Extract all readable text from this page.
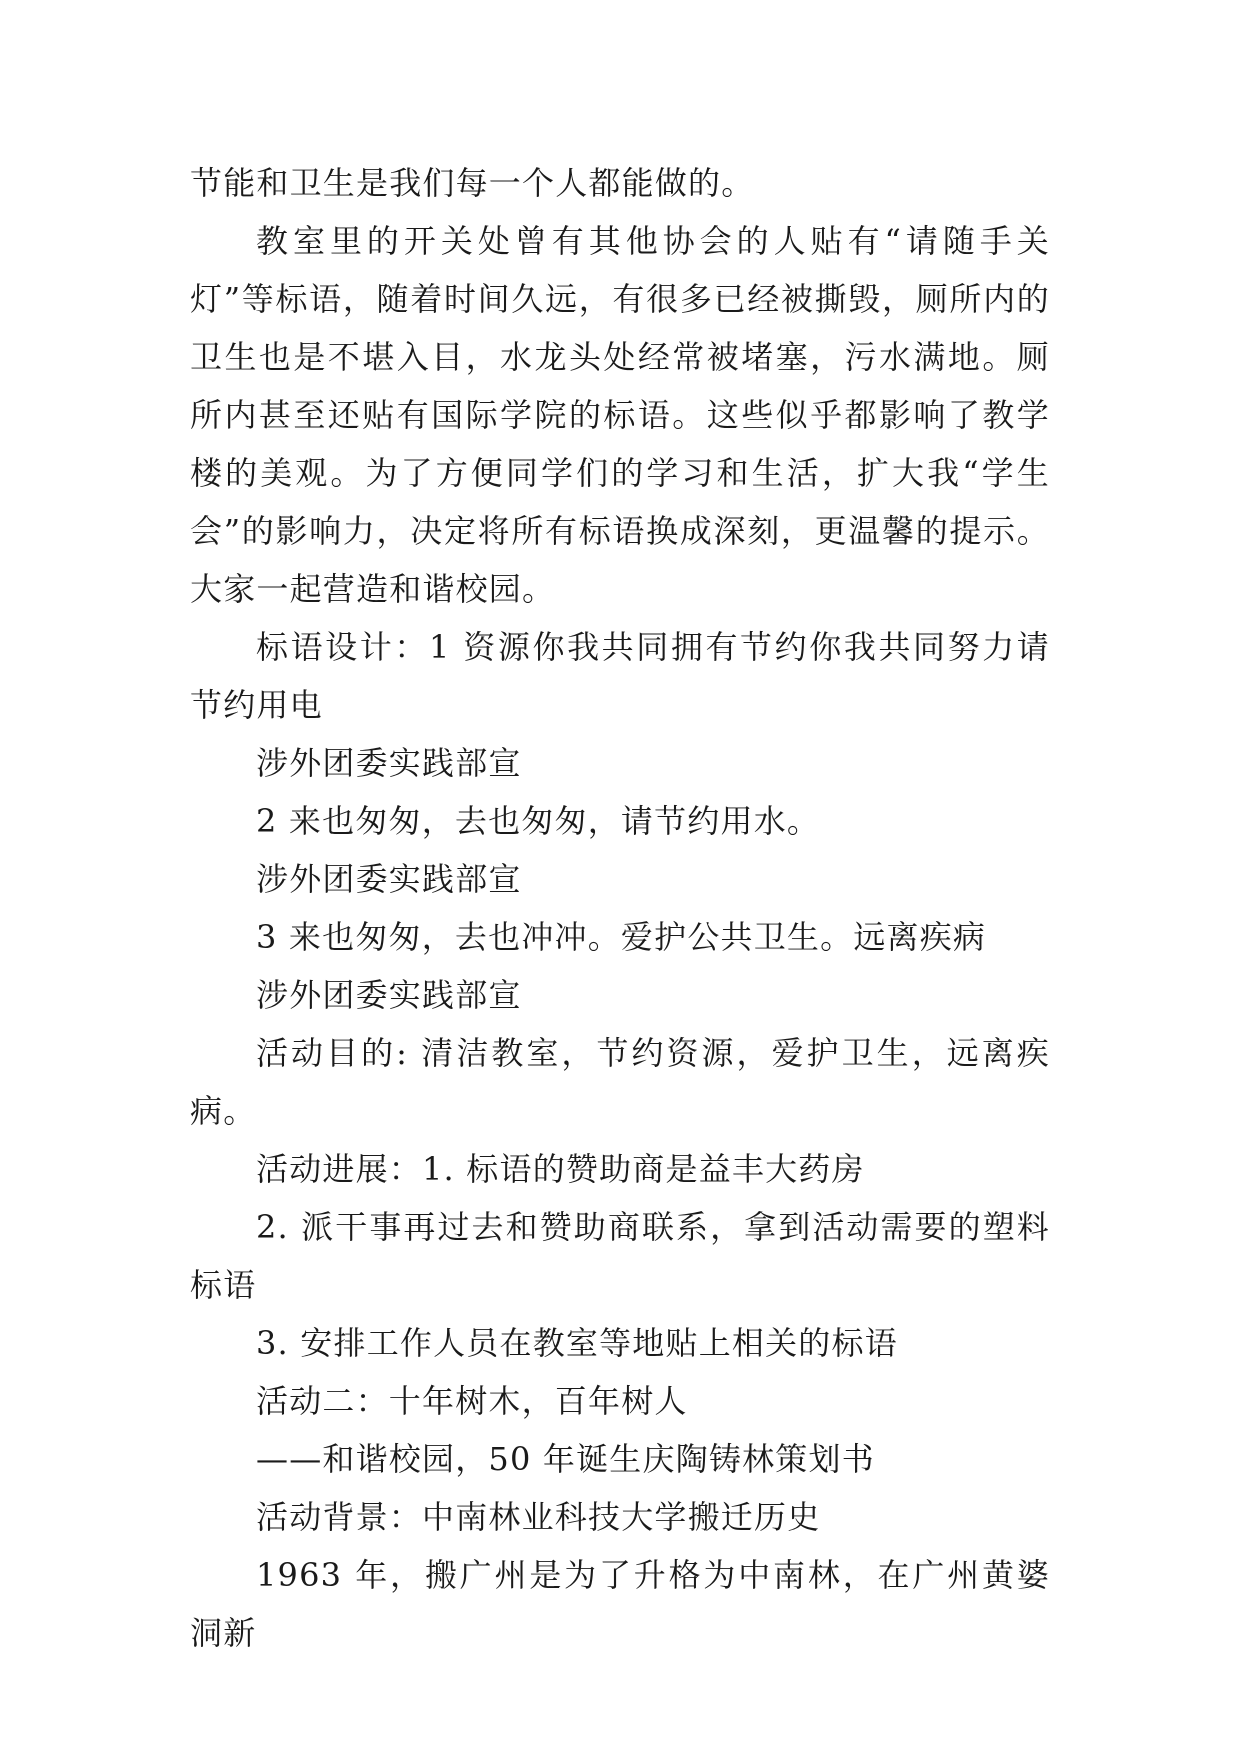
节能和卫生是我们每一个人都能做的。

教室里的开关处曾有其他协会的人贴有“请随手关灯”等标语，随着时间久远，有很多已经被撕毁，厕所内的卫生也是不堪入目，水龙头处经常被堵塞，污水满地。厕所内甚至还贴有国际学院的标语。这些似乎都影响了教学楼的美观。为了方便同学们的学习和生活，扩大我“学生会”的影响力，决定将所有标语换成深刻，更温馨的提示。大家一起营造和谐校园。

标语设计：1 资源你我共同拥有节约你我共同努力请节约用电

涉外团委实践部宣

2 来也匆匆，去也匆匆，请节约用水。

涉外团委实践部宣

3 来也匆匆，去也冲冲。爱护公共卫生。远离疾病

涉外团委实践部宣

活动目的: 清洁教室，节约资源，爱护卫生，远离疾病。

活动进展：1. 标语的赞助商是益丰大药房

2. 派干事再过去和赞助商联系，拿到活动需要的塑料标语

3. 安排工作人员在教室等地贴上相关的标语

活动二：十年树木，百年树人

——和谐校园，50 年诞生庆陶铸林策划书

活动背景：中南林业科技大学搬迁历史

1963 年，搬广州是为了升格为中南林，在广州黄婆洞新
